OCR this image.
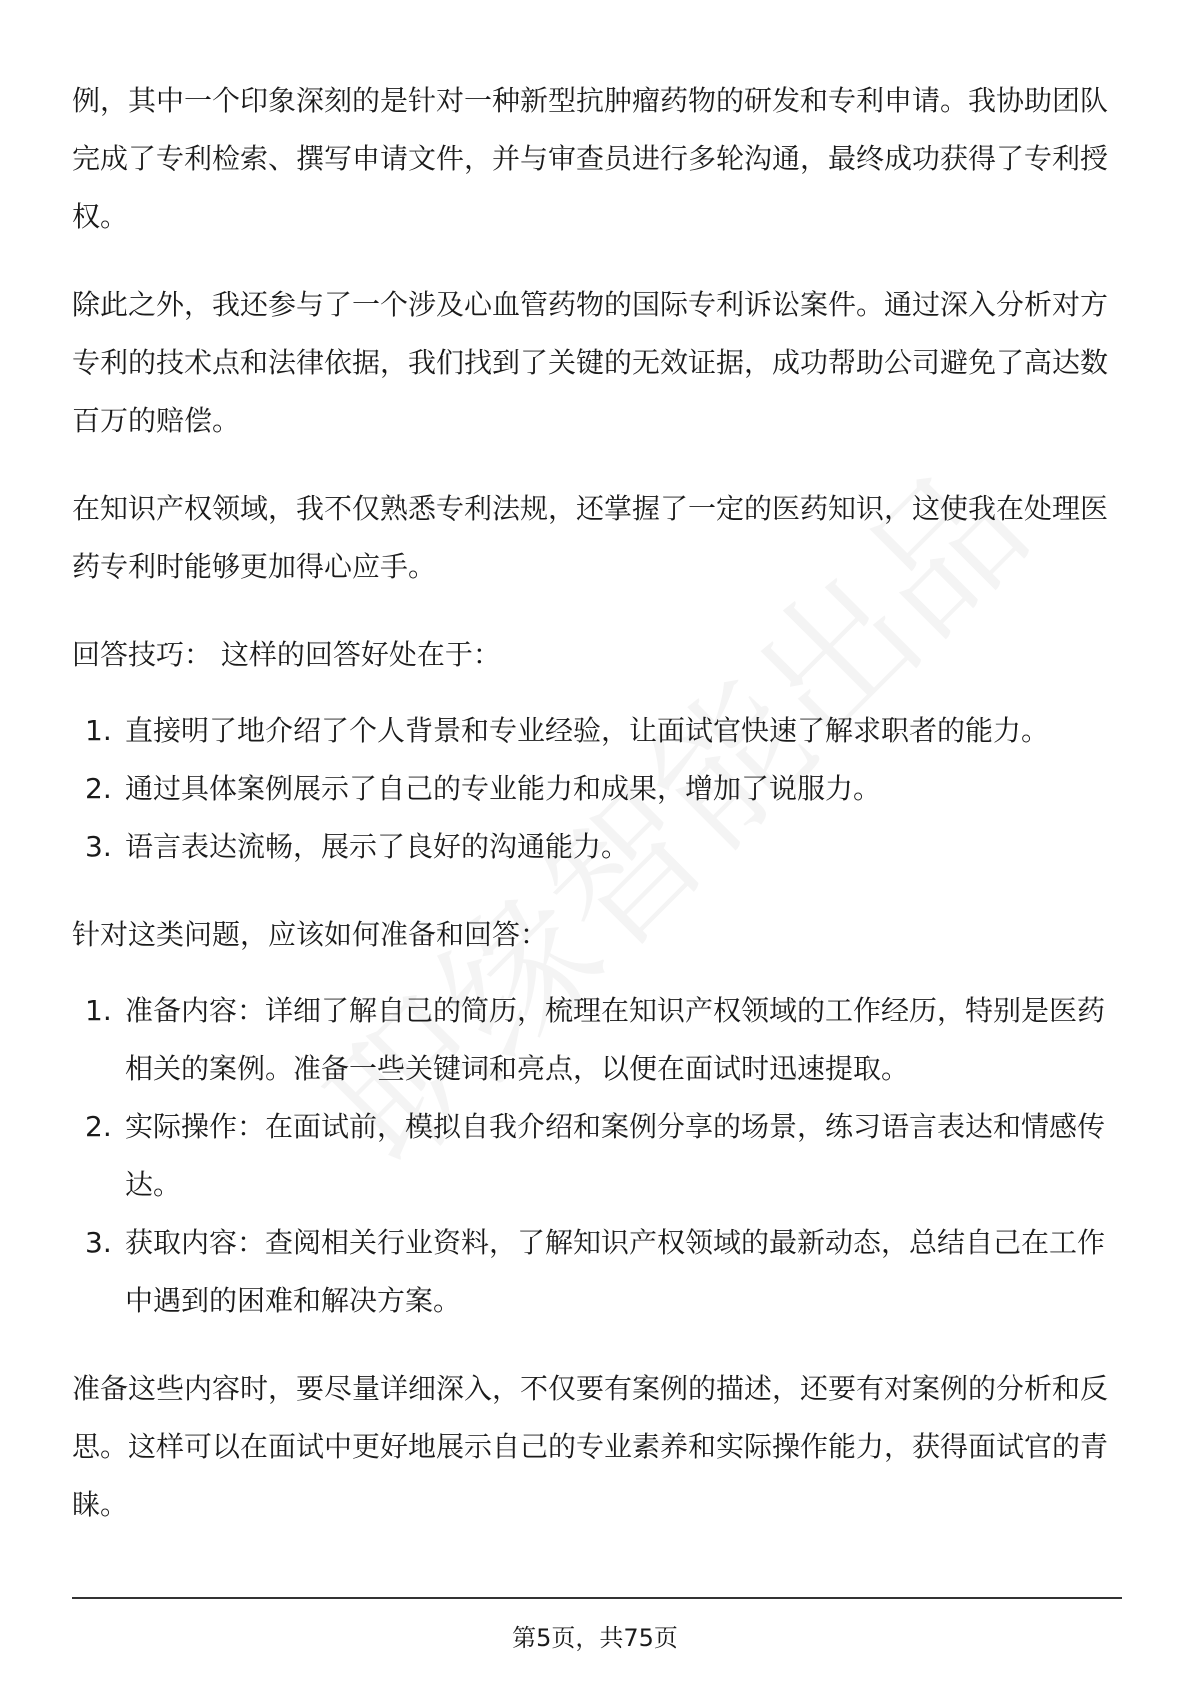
例，其中一个印象深刻的是针对一种新型抗肿瘤药物的研发和专利申请。我协助团队完成了专利检索、撰写申请文件，并与审查员进行多轮沟通，最终成功获得了专利授权。

除此之外，我还参与了一个涉及心血管药物的国际专利诉讼案件。通过深入分析对方专利的技术点和法律依据，我们找到了关键的无效证据，成功帮助公司避免了高达数百万的赔偿。

在知识产权领域，我不仅熟悉专利法规，还掌握了一定的医药知识，这使我在处理医药专利时能够更加得心应手。

回答技巧： 这样的回答好处在于：

1. 直接明了地介绍了个人背景和专业经验，让面试官快速了解求职者的能力。
2. 通过具体案例展示了自己的专业能力和成果，增加了说服力。
3. 语言表达流畅，展示了良好的沟通能力。

针对这类问题，应该如何准备和回答：

1. 准备内容：详细了解自己的简历，梳理在知识产权领域的工作经历，特别是医药相关的案例。准备一些关键词和亮点，以便在面试时迅速提取。
2. 实际操作：在面试前，模拟自我介绍和案例分享的场景，练习语言表达和情感传达。
3. 获取内容：查阅相关行业资料，了解知识产权领域的最新动态，总结自己在工作中遇到的困难和解决方案。

准备这些内容时，要尽量详细深入，不仅要有案例的描述，还要有对案例的分析和反思。这样可以在面试中更好地展示自己的专业素养和实际操作能力，获得面试官的青睐。

第5页，共75页
